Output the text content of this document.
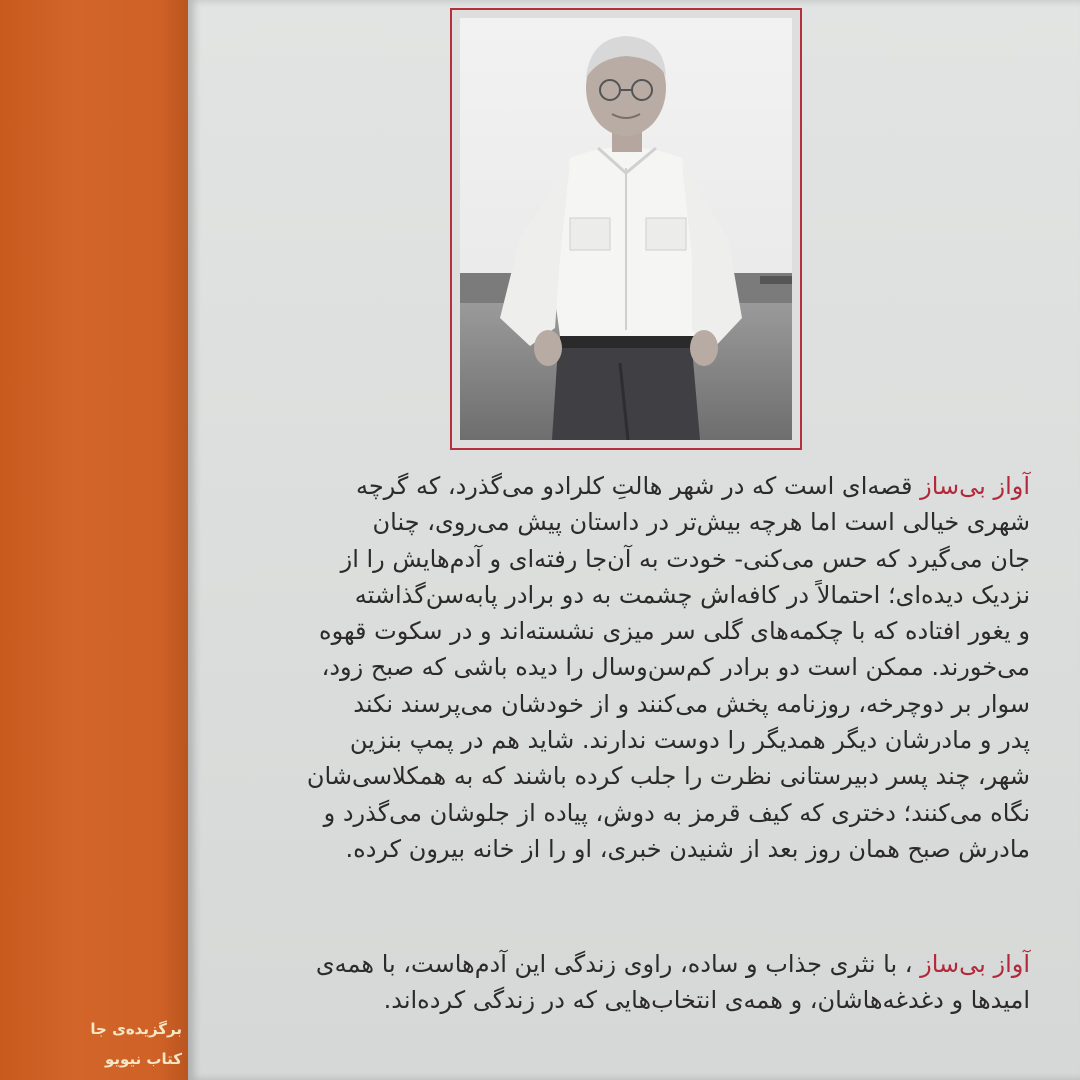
برگزیده‌ی جا
کتاب نیویو
آواز بی‌ساز قصه‌ای است که در شهر هالتِ کلرادو می‌گذرد، که گرچه
شهری خیالی است اما هرچه بیش‌تر در داستان پیش می‌روی، چنان
جان می‌گیرد که حس می‌کنی- خودت به آن‌جا رفته‌ای و آدم‌هایش را از
نزدیک دیده‌ای؛ احتمالاً در کافه‌اش چشمت به دو برادر پابه‌سن‌گذاشته
و یغور افتاده که با چکمه‌های گلی سر میزی نشسته‌اند و در سکوت قهوه
می‌خورند. ممکن است دو برادر کم‌سن‌وسال را دیده باشی که صبح زود،
سوار بر دوچرخه، روزنامه پخش می‌کنند و از خودشان می‌پرسند نکند
پدر و مادرشان دیگر همدیگر را دوست ندارند. شاید هم در پمپ بنزین
شهر، چند پسر دبیرستانی نظرت را جلب کرده باشند که به همکلاسی‌شان
نگاه می‌کنند؛ دختری که کیف قرمز به دوش، پیاده از جلوشان می‌گذرد و
مادرش صبح همان روز بعد از شنیدن خبری، او را از خانه بیرون کرده.
آواز بی‌ساز ، با نثری جذاب و ساده، راوی زندگی این آدم‌هاست، با همه‌ی
امیدها و دغدغه‌هاشان، و همه‌ی انتخاب‌هایی که در زندگی کرده‌اند.
